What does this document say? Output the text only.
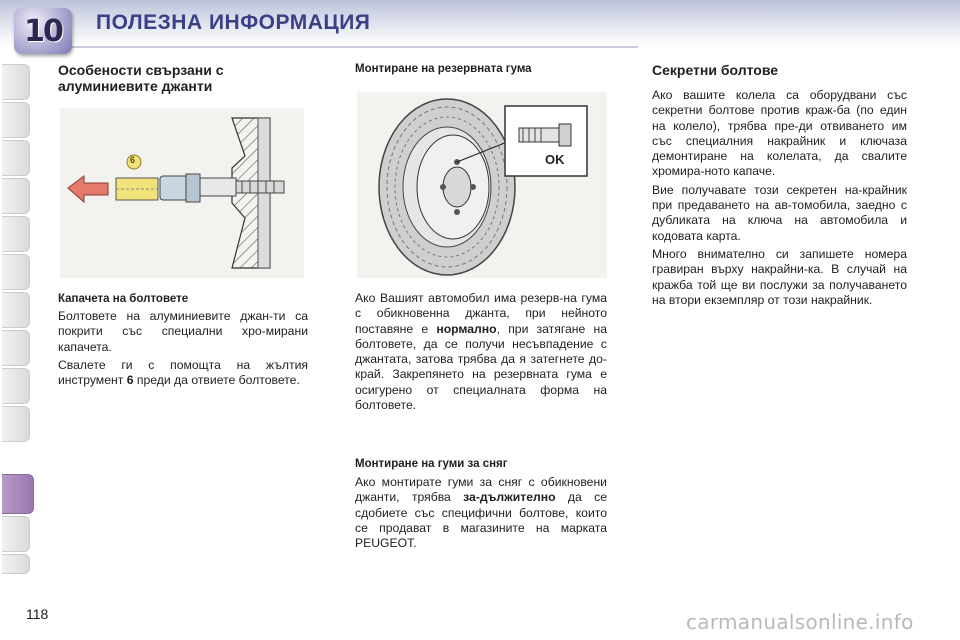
10 ПОЛЕЗНА ИНФОРМАЦИЯ
Особености свързани с алуминиевите джанти
6
Капачета на болтовете

Болтовете на алуминиевите джан-ти са покрити със специални хро-мирани капачета.

Свалете ги с помощта на жълтия инструмент 6 преди да отвиете болтовете.

Монтиране на резервната гума
OK

Ако Вашият автомобил има резерв-на гума с обикновенна джанта, при нейното поставяне е нормално, при затягане на болтовете, да се получи несъвпадение с джантата, затова трябва да я затегнете до-край. Закрепянето на резервната гума е осигурено от специалната форма на болтовете.

Монтиране на гуми за сняг

Ако монтирате гуми за сняг с обикновени джанти, трябва за-дължително да се сдобиете със специфични болтове, които се продават в магазините на марката PEUGEOT.

Секретни болтове

Ако вашите колела са оборудвани със секретни болтове против краж-ба (по един на колело), трябва пре-ди отвиването им със специалния накрайник и ключаза демонтиране на колелата, да свалите хромира-ното капаче.

Вие получавате този секретен на-крайник при предаването на ав-томобила, заедно с дубликата на ключа на автомобила и кодовата карта.

Много внимателно си запишете номера гравиран върху накрайни-ка. В случай на кражба той ще ви послужи за получаването на втори екземпляр от този накрайник.

118	carmanualsonline.info
